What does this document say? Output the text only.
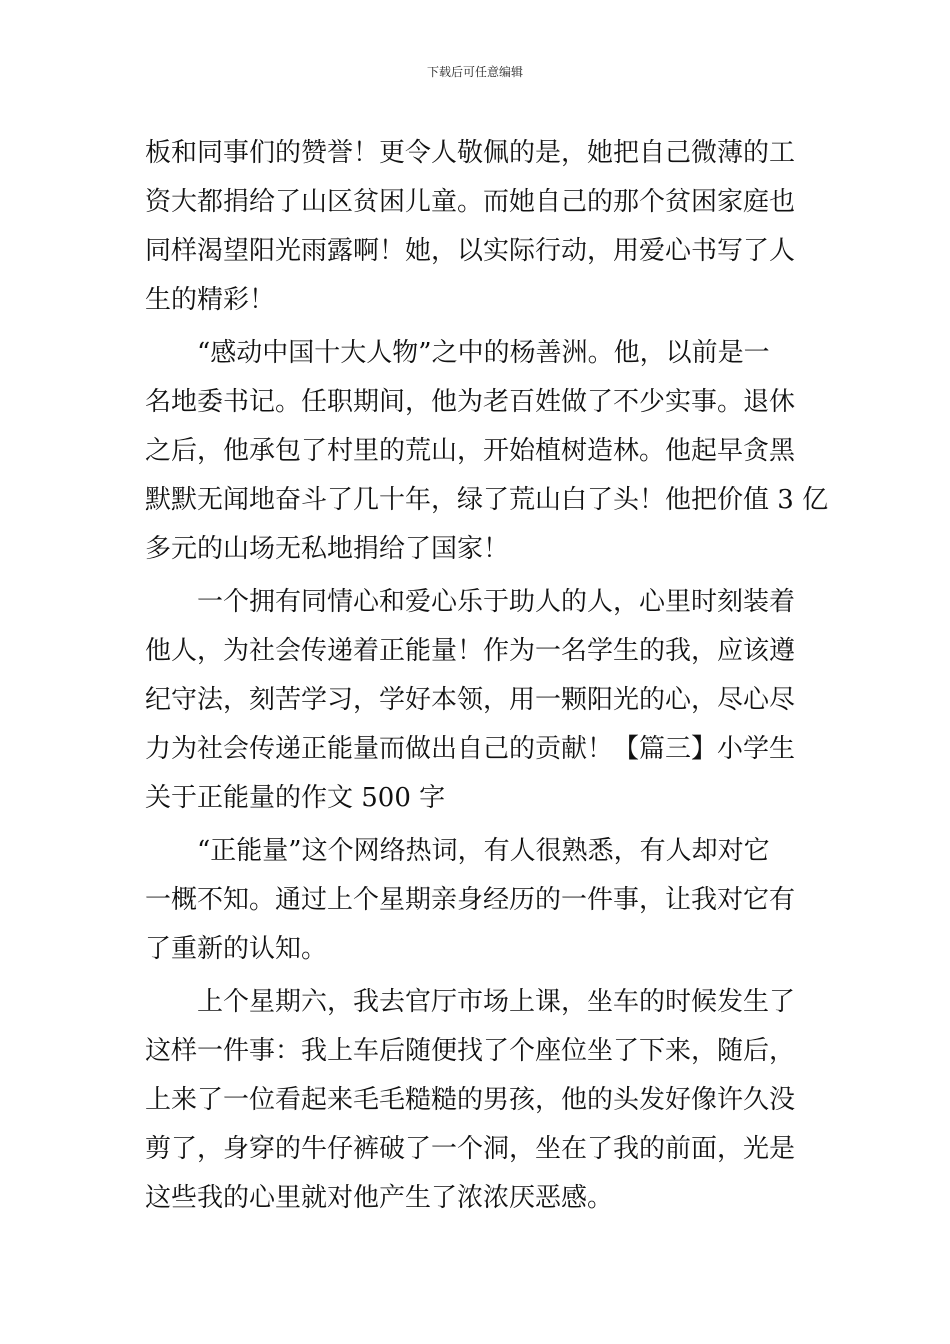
下载后可任意编辑

板和同事们的赞誉！更令人敬佩的是，她把自己微薄的工
资大都捐给了山区贫困儿童。而她自己的那个贫困家庭也
同样渴望阳光雨露啊！她，以实际行动，用爱心书写了人
生的精彩！

　　“感动中国十大人物”之中的杨善洲。他，以前是一
名地委书记。任职期间，他为老百姓做了不少实事。退休
之后，他承包了村里的荒山，开始植树造林。他起早贪黑
默默无闻地奋斗了几十年，绿了荒山白了头！他把价值 3 亿
多元的山场无私地捐给了国家！

　　一个拥有同情心和爱心乐于助人的人，心里时刻装着
他人，为社会传递着正能量！作为一名学生的我，应该遵
纪守法，刻苦学习，学好本领，用一颗阳光的心，尽心尽
力为社会传递正能量而做出自己的贡献！【篇三】小学生
关于正能量的作文 500 字

　　“正能量”这个网络热词，有人很熟悉，有人却对它
一概不知。通过上个星期亲身经历的一件事，让我对它有
了重新的认知。

　　上个星期六，我去官厅市场上课，坐车的时候发生了
这样一件事：我上车后随便找了个座位坐了下来，随后，
上来了一位看起来毛毛糙糙的男孩，他的头发好像许久没
剪了，身穿的牛仔裤破了一个洞，坐在了我的前面，光是
这些我的心里就对他产生了浓浓厌恶感。
